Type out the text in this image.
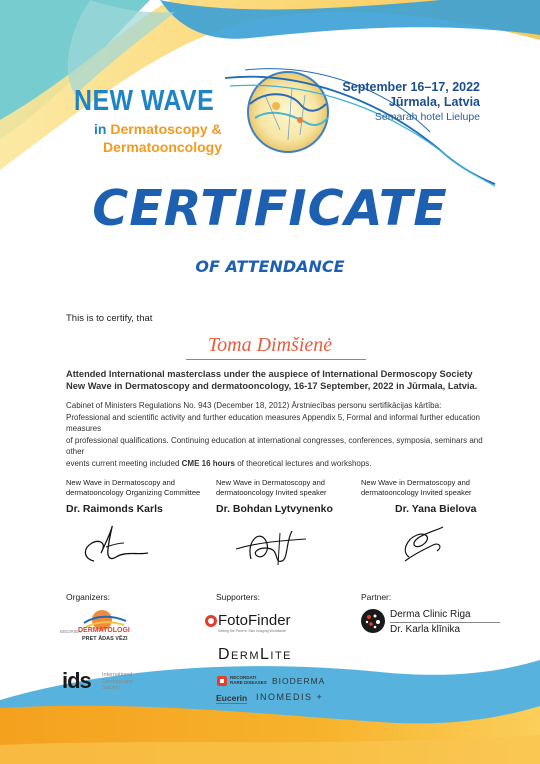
NEW WAVE
in Dermatoscopy &
Dermatooncology
September 16–17, 2022
Jūrmala, Latvia
Semarah hotel Lielupe
CERTIFICATE
OF ATTENDANCE
This is to certify, that
Toma Dimšienė
Attended International masterclass under the auspiece of International Dermoscopy Society
New Wave in Dermatoscopy and dermatooncology, 16-17 September, 2022 in Jūrmala, Latvia.
Cabinet of Ministers Regulations No. 943 (December 18, 2012) Ārstniecības personu sertifikācijas kārtība:
Professional and scientific activity and further education measures Appendix 5, Formal and informal further education measures
of professional qualifications. Continuing education at international congresses, conferences, symposia, seminars and other
events current meeting included CME 16 hours of theoretical lectures and workshops.
New Wave in Dermatoscopy and
dermatooncology Organizing Committee
Dr. Raimonds Karls
New Wave in Dermatoscopy and
dermatooncology Invited speaker
Dr. Bohdan Lytvynenko
New Wave in Dermatoscopy and
dermatooncology Invited speaker
Dr. Yana Bielova
Organizers:	Supporters:	Partner:
BIEDRĪBA
DERMATOLOGI
PRET ĀDAS VĒZI
ids International
Dermoscopy
Society
FotoFinder
Setting the Pace in Skin Imaging Worldwide
DermLite
RECORDATI
RARE DISEASES BIODERMA
Eucerin INOMEDIS +
Derma Clinic Riga
Dr. Karla klīnika
